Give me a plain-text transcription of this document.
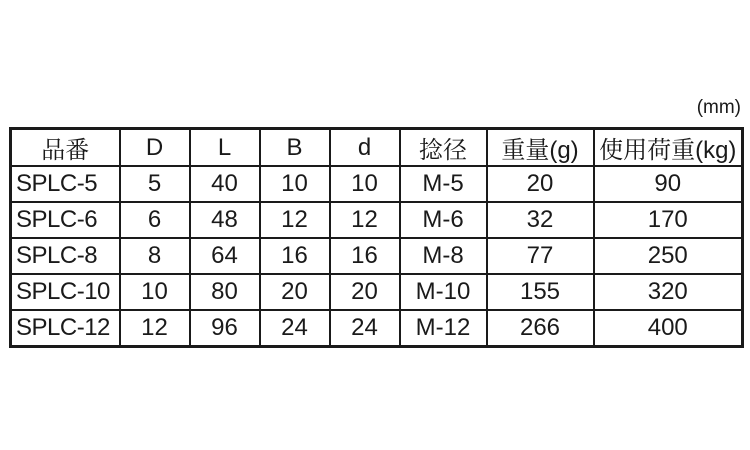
(mm)
品番	D	L	B	d	捻径	重量(g)	使用荷重(kg)
SPLC-5	5	40	10	10	M-5	20	90
SPLC-6	6	48	12	12	M-6	32	170
SPLC-8	8	64	16	16	M-8	77	250
SPLC-10	10	80	20	20	M-10	155	320
SPLC-12	12	96	24	24	M-12	266	400
